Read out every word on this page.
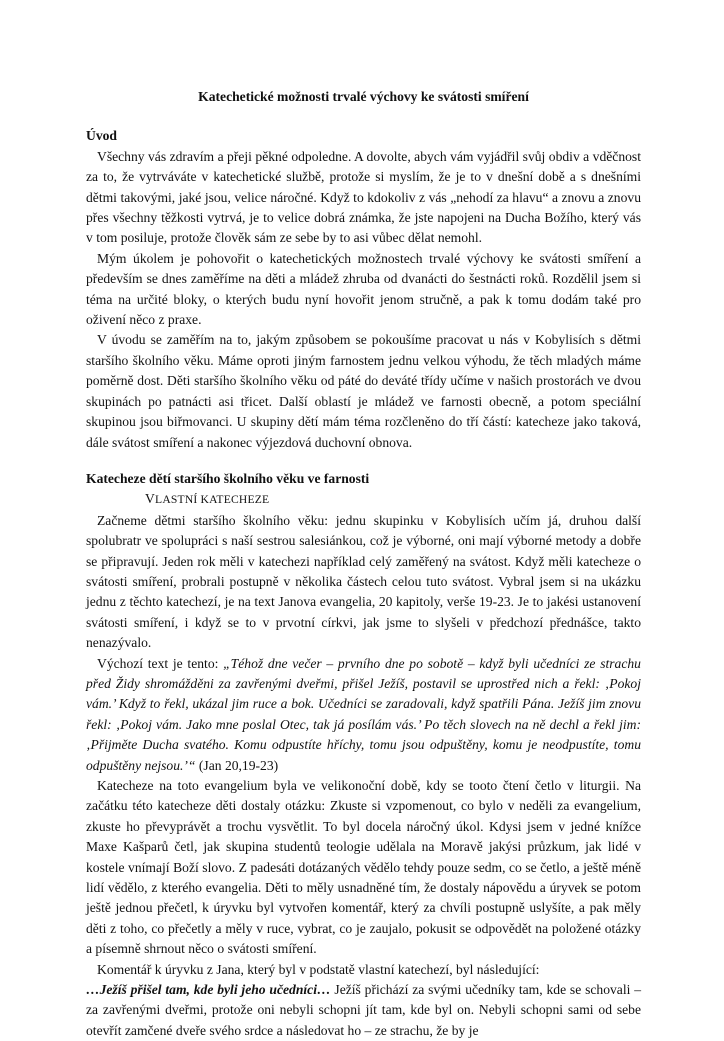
Katechetické možnosti trvalé výchovy ke svátosti smíření
Úvod

Všechny vás zdravím a přeji pěkné odpoledne. A dovolte, abych vám vyjádřil svůj obdiv a vděčnost za to, že vytrváváte v katechetické službě, protože si myslím, že je to v dnešní době a s dnešními dětmi takovými, jaké jsou, velice náročné. Když to kdokoliv z vás „nehodí za hlavu“ a znovu a znovu přes všechny těžkosti vytrvá, je to velice dobrá známka, že jste napojeni na Ducha Božího, který vás v tom posiluje, protože člověk sám ze sebe by to asi vůbec dělat nemohl.

Mým úkolem je pohovořit o katechetických možnostech trvalé výchovy ke svátosti smíření a především se dnes zaměříme na děti a mládež zhruba od dvanácti do šestnácti roků. Rozdělil jsem si téma na určité bloky, o kterých budu nyní hovořit jenom stručně, a pak k tomu dodám také pro oživení něco z praxe.

V úvodu se zaměřím na to, jakým způsobem se pokoušíme pracovat u nás v Kobylisích s dětmi staršího školního věku. Máme oproti jiným farnostem jednu velkou výhodu, že těch mladých máme poměrně dost. Děti staršího školního věku od páté do deváté třídy učíme v našich prostorách ve dvou skupinách po patnácti asi třicet. Další oblastí je mládež ve farnosti obecně, a potom speciální skupinou jsou biřmovanci. U skupiny dětí mám téma rozčleněno do tří částí: katecheze jako taková, dále svátost smíření a nakonec výjezdová duchovní obnova.

Katecheze dětí staršího školního věku ve farnosti
VLASTNÍ KATECHEZE

Začneme dětmi staršího školního věku: jednu skupinku v Kobylisích učím já, druhou další spolubratr ve spolupráci s naší sestrou salesiánkou, což je výborné, oni mají výborné metody a dobře se připravují. Jeden rok měli v katechezi například celý zaměřený na svátost. Když měli katecheze o svátosti smíření, probrali postupně v několika částech celou tuto svátost. Vybral jsem si na ukázku jednu z těchto katechezí, je na text Janova evangelia, 20 kapitoly, verše 19-23. Je to jakési ustanovení svátosti smíření, i když se to v prvotní církvi, jak jsme to slyšeli v předchozí přednášce, takto nenazývalo.

Výchozí text je tento: „Téhož dne večer – prvního dne po sobotě – když byli učedníci ze strachu před Židy shromážděni za zavřenými dveřmi, přišel Ježíš, postavil se uprostřed nich a řekl: ‚Pokoj vám.’ Když to řekl, ukázal jim ruce a bok. Učedníci se zaradovali, když spatřili Pána. Ježíš jim znovu řekl: ‚Pokoj vám. Jako mne poslal Otec, tak já posílám vás.’ Po těch slovech na ně dechl a řekl jim: ‚Přijměte Ducha svatého. Komu odpustíte hříchy, tomu jsou odpuštěny, komu je neodpustíte, tomu odpuštěny nejsou.’“ (Jan 20,19-23)

Katecheze na toto evangelium byla ve velikonoční době, kdy se tooto čtení četlo v liturgii. Na začátku této katecheze děti dostaly otázku: Zkuste si vzpomenout, co bylo v neděli za evangelium, zkuste ho převyprávět a trochu vysvětlit. To byl docela náročný úkol. Kdysi jsem v jedné knížce Maxe Kašparů četl, jak skupina studentů teologie udělala na Moravě jakýsi průzkum, jak lidé v kostele vnímají Boží slovo. Z padesáti dotázaných vědělo tehdy pouze sedm, co se četlo, a ještě méně lidí vědělo, z kterého evangelia. Děti to měly usnadněné tím, že dostaly nápovědu a úryvek se potom ještě jednou přečetl, k úryvku byl vytvořen komentář, který za chvíli postupně uslyšíte, a pak měly děti z toho, co přečetly a měly v ruce, vybrat, co je zaujalo, pokusit se odpovědět na položené otázky a písemně shrnout něco o svátosti smíření.

Komentář k úryvku z Jana, který byl v podstatě vlastní katechezí, byl následující:

…Ježíš přišel tam, kde byli jeho učedníci… Ježíš přichází za svými učedníky tam, kde se schovali – za zavřenými dveřmi, protože oni nebyli schopni jít tam, kde byl on. Nebyli schopni sami od sebe otevřít zamčené dveře svého srdce a následovat ho – ze strachu, že by je
